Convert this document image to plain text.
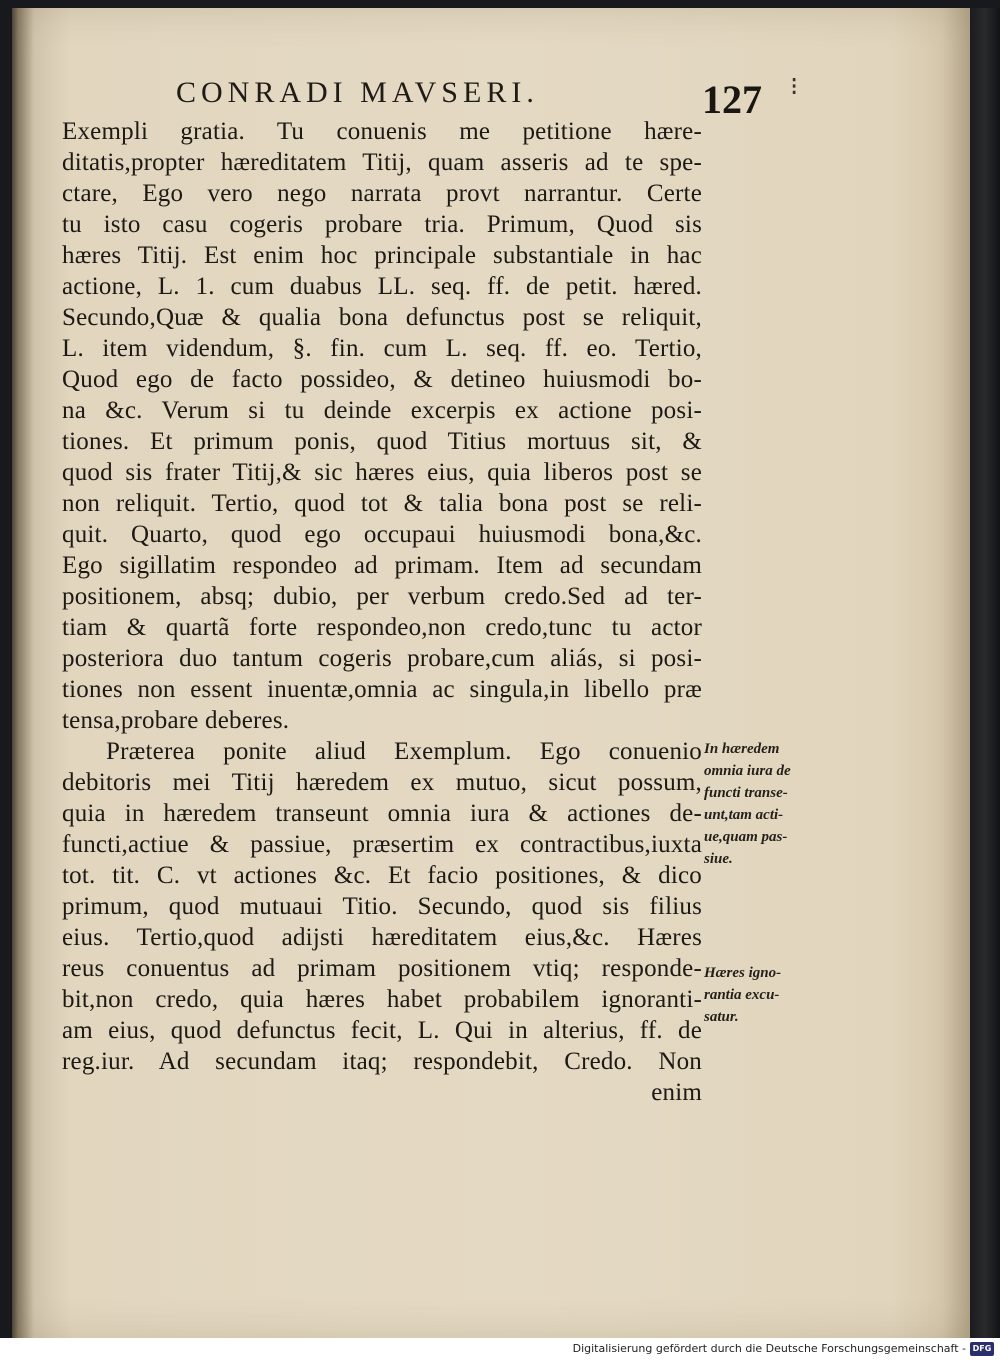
CONRADI MAVSERI.	127 ⁝
Exempli gratia. Tu conuenis me petitione hære-
ditatis,propter hæreditatem Titij, quam asseris ad te spe-
ctare, Ego vero nego narrata provt narrantur. Certe
tu isto casu cogeris probare tria. Primum, Quod sis
hæres Titij. Est enim hoc principale substantiale in hac
actione, L. 1. cum duabus LL. seq. ff. de petit. hæred.
Secundo,Quæ & qualia bona defunctus post se reliquit,
L. item videndum, §. fin. cum L. seq. ff. eo. Tertio,
Quod ego de facto possideo, & detineo huiusmodi bo-
na &c. Verum si tu deinde excerpis ex actione posi-
tiones. Et primum ponis, quod Titius mortuus sit, &
quod sis frater Titij,& sic hæres eius, quia liberos post se
non reliquit. Tertio, quod tot & talia bona post se reli-
quit. Quarto, quod ego occupaui huiusmodi bona,&c.
Ego sigillatim respondeo ad primam. Item ad secundam
positionem, absq; dubio, per verbum credo.Sed ad ter-
tiam & quartã forte respondeo,non credo,tunc tu actor
posteriora duo tantum cogeris probare,cum aliás, si posi-
tiones non essent inuentæ,omnia ac singula,in libello præ
tensa,probare deberes.
Præterea ponite aliud Exemplum. Ego conuenio
debitoris mei Titij hæredem ex mutuo, sicut possum,
quia in hæredem transeunt omnia iura & actiones de-
functi,actiue & passiue, præsertim ex contractibus,iuxta
tot. tit. C. vt actiones &c. Et facio positiones, & dico
primum, quod mutuaui Titio. Secundo, quod sis filius
eius. Tertio,quod adijsti hæreditatem eius,&c. Hæres
reus conuentus ad primam positionem vtiq; responde-
bit,non credo, quia hæres habet probabilem ignoranti-
am eius, quod defunctus fecit, L. Qui in alterius, ff. de
reg.iur. Ad secundam itaq; respondebit, Credo. Non
enim
In hæredem
omnia iura de
functi transe-
unt,tam acti-
ue,quam pas-
siue.
Hæres igno-
rantia excu-
satur.
Digitalisierung gefördert durch die Deutsche Forschungsgemeinschaft - DFG
